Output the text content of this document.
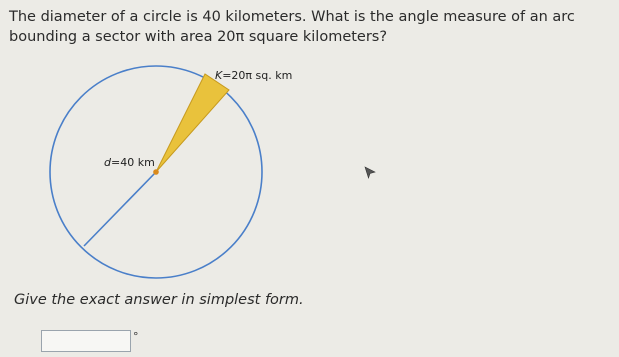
The diameter of a circle is 40 kilometers. What is the angle measure of an arc bounding a sector with area 20π square kilometers?

K=20π sq. km
d=40 km

Give the exact answer in simplest form.

°
